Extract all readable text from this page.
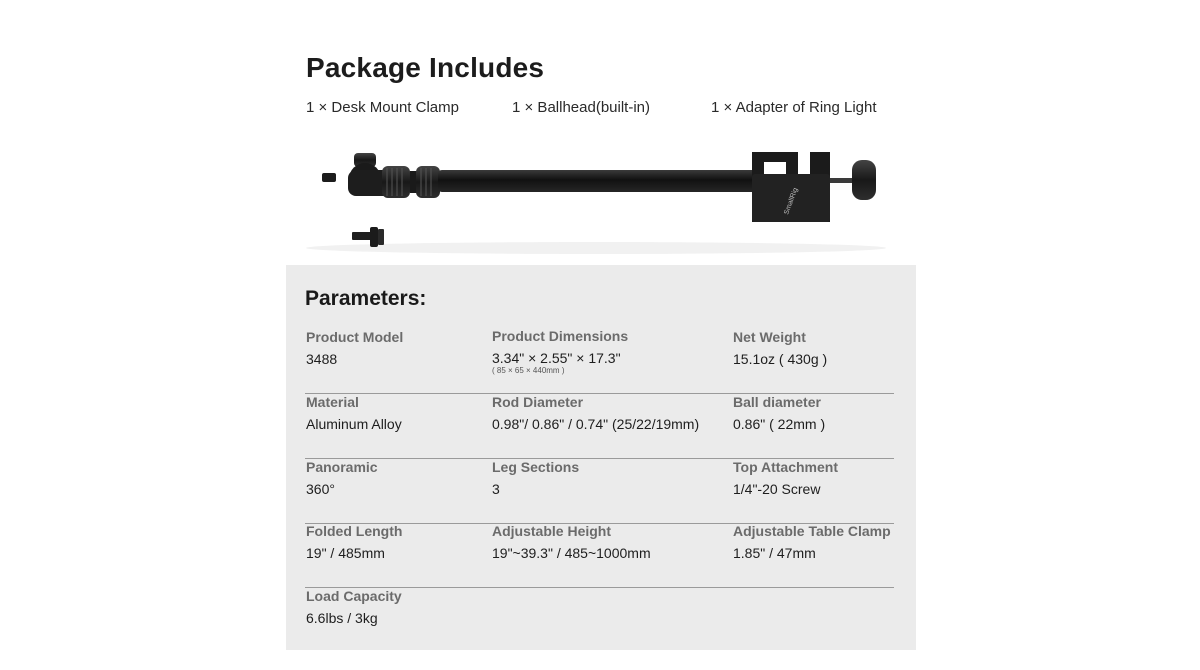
Package Includes
1 × Desk Mount Clamp	1 × Ballhead(built-in)	1 × Adapter of Ring Light
SmallRig
Parameters:
Product Model
3488
Product Dimensions
3.34" × 2.55" × 17.3"
( 85 × 65 × 440mm )
Net Weight
15.1oz ( 430g )
Material
Aluminum Alloy
Rod Diameter
0.98"/ 0.86" / 0.74" (25/22/19mm)
Ball diameter
0.86" ( 22mm )
Panoramic
360°
Leg Sections
3
Top Attachment
1/4"-20 Screw
Folded Length
19" / 485mm
Adjustable Height
19"~39.3" / 485~1000mm
Adjustable Table Clamp
1.85" / 47mm
Load Capacity
6.6lbs / 3kg
